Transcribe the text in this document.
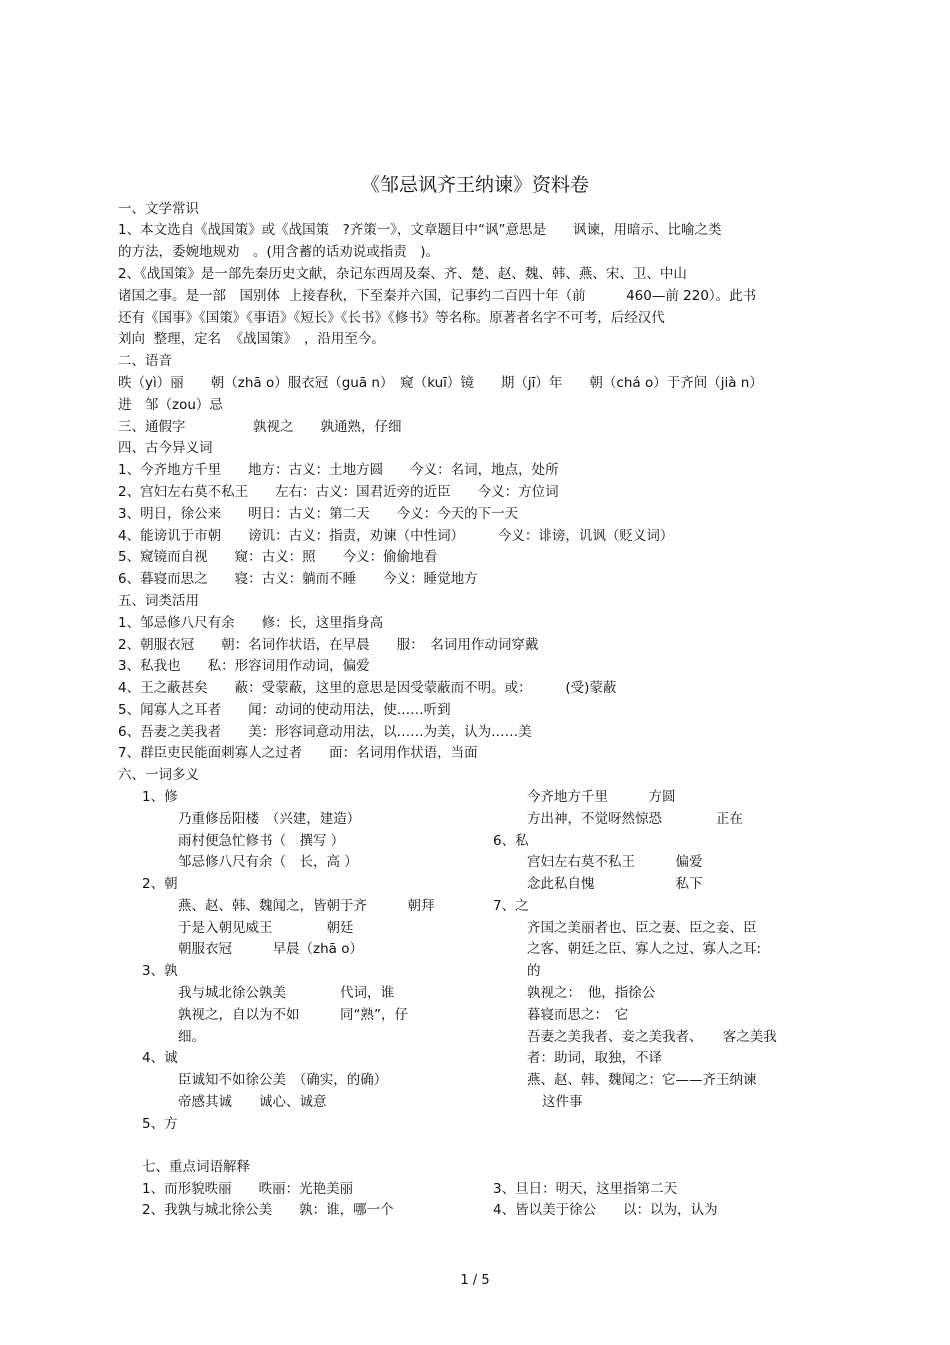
《邹忌讽齐王纳谏》资料卷
一、文学常识
1、本文选自《战国策》或《战国策　?齐策一》，文章题目中“讽”意思是　　讽谏，用暗示、比喻之类
的方法，委婉地规劝　。(用含蓄的话劝说或指责　)。
2、《战国策》是一部先秦历史文献，杂记东西周及秦、齐、楚、赵、魏、韩、燕、宋、卫、中山
诸国之事。是一部　国别体  上接春秋，下至秦并六国，记事约二百四十年（前　　　460—前 220）。此书
还有《国事》《国策》《事语》《短长》《长书》《修书》等名称。原著者名字不可考，后经汉代
刘向  整理，定名  《战国策》　，沿用至今。
二、语音
昳（yì）丽　　朝（zhā o）服衣冠（guā n）　窥（kuī）镜　　期（jī）年　　朝（chá o）于齐间（jià n）
进　邹（zou）忌
三、通假字　　　　　孰视之　　孰通熟，仔细
四、古今异义词
1、今齐地方千里　　地方：古义：土地方圆　　今义：名词，地点，处所
2、宫妇左右莫不私王　　左右：古义：国君近旁的近臣　　今义：方位词
3、明日，徐公来　　明日：古义：第二天　　今义：今天的下一天
4、能谤讥于市朝　　谤讥：古义：指责，劝谏（中性词）　　　今义：诽谤，讥讽（贬义词）
5、窥镜而自视　　窥：古义：照　　今义：偷偷地看
6、暮寝而思之　　寝：古义：躺而不睡　　今义：睡觉地方
五、词类活用
1、邹忌修八尺有余　　修：长，这里指身高
2、朝服衣冠　　朝：名词作状语，在早晨　　服：　名词用作动词穿戴
3、私我也　　私：形容词用作动词，偏爱
4、王之蔽甚矣　　蔽：受蒙蔽，这里的意思是因受蒙蔽而不明。或：　　　(受)蒙蔽
5、闻寡人之耳者　　闻：动词的使动用法，使……听到
6、吾妻之美我者　　美：形容词意动用法，以……为美，认为……美
7、群臣吏民能面刺寡人之过者　　面：名词用作状语，当面
六、一词多义
1、修
乃重修岳阳楼　（兴建，建造）
雨村便急忙修书（　撰写 ）
邹忌修八尺有余（　长，高 ）
2、朝
燕、赵、韩、魏闻之，皆朝于齐　　　朝拜
于是入朝见威王　　　　朝廷
朝服衣冠　　　早晨（zhā o）
3、孰
我与城北徐公孰美　　　　代词，谁
孰视之，自以为不如　　　同“熟”，仔
细。
4、诚
臣诚知不如徐公美　（确实，的确）
帝感其诚　　诚心、诚意
5、方
今齐地方千里　　　方圆
方出神，不觉呀然惊恐　　　　正在
6、私
宫妇左右莫不私王　　　偏爱
念此私自愧　　　　　　私下
7、之
齐国之美丽者也、臣之妻、臣之妾、臣
之客、朝廷之臣、寡人之过、寡人之耳:
的
孰视之：　他，指徐公
暮寝而思之：　它
吾妻之美我者、妾之美我者、　　客之美我
者：助词，取独，不译
燕、赵、韩、魏闻之：它——齐王纳谏
这件事
七、重点词语解释
1、而形貌昳丽　　昳丽：光艳美丽	3、旦日：明天，这里指第二天
2、我孰与城北徐公美　　孰：谁，哪一个	4、皆以美于徐公　　以：以为，认为
1 / 5
